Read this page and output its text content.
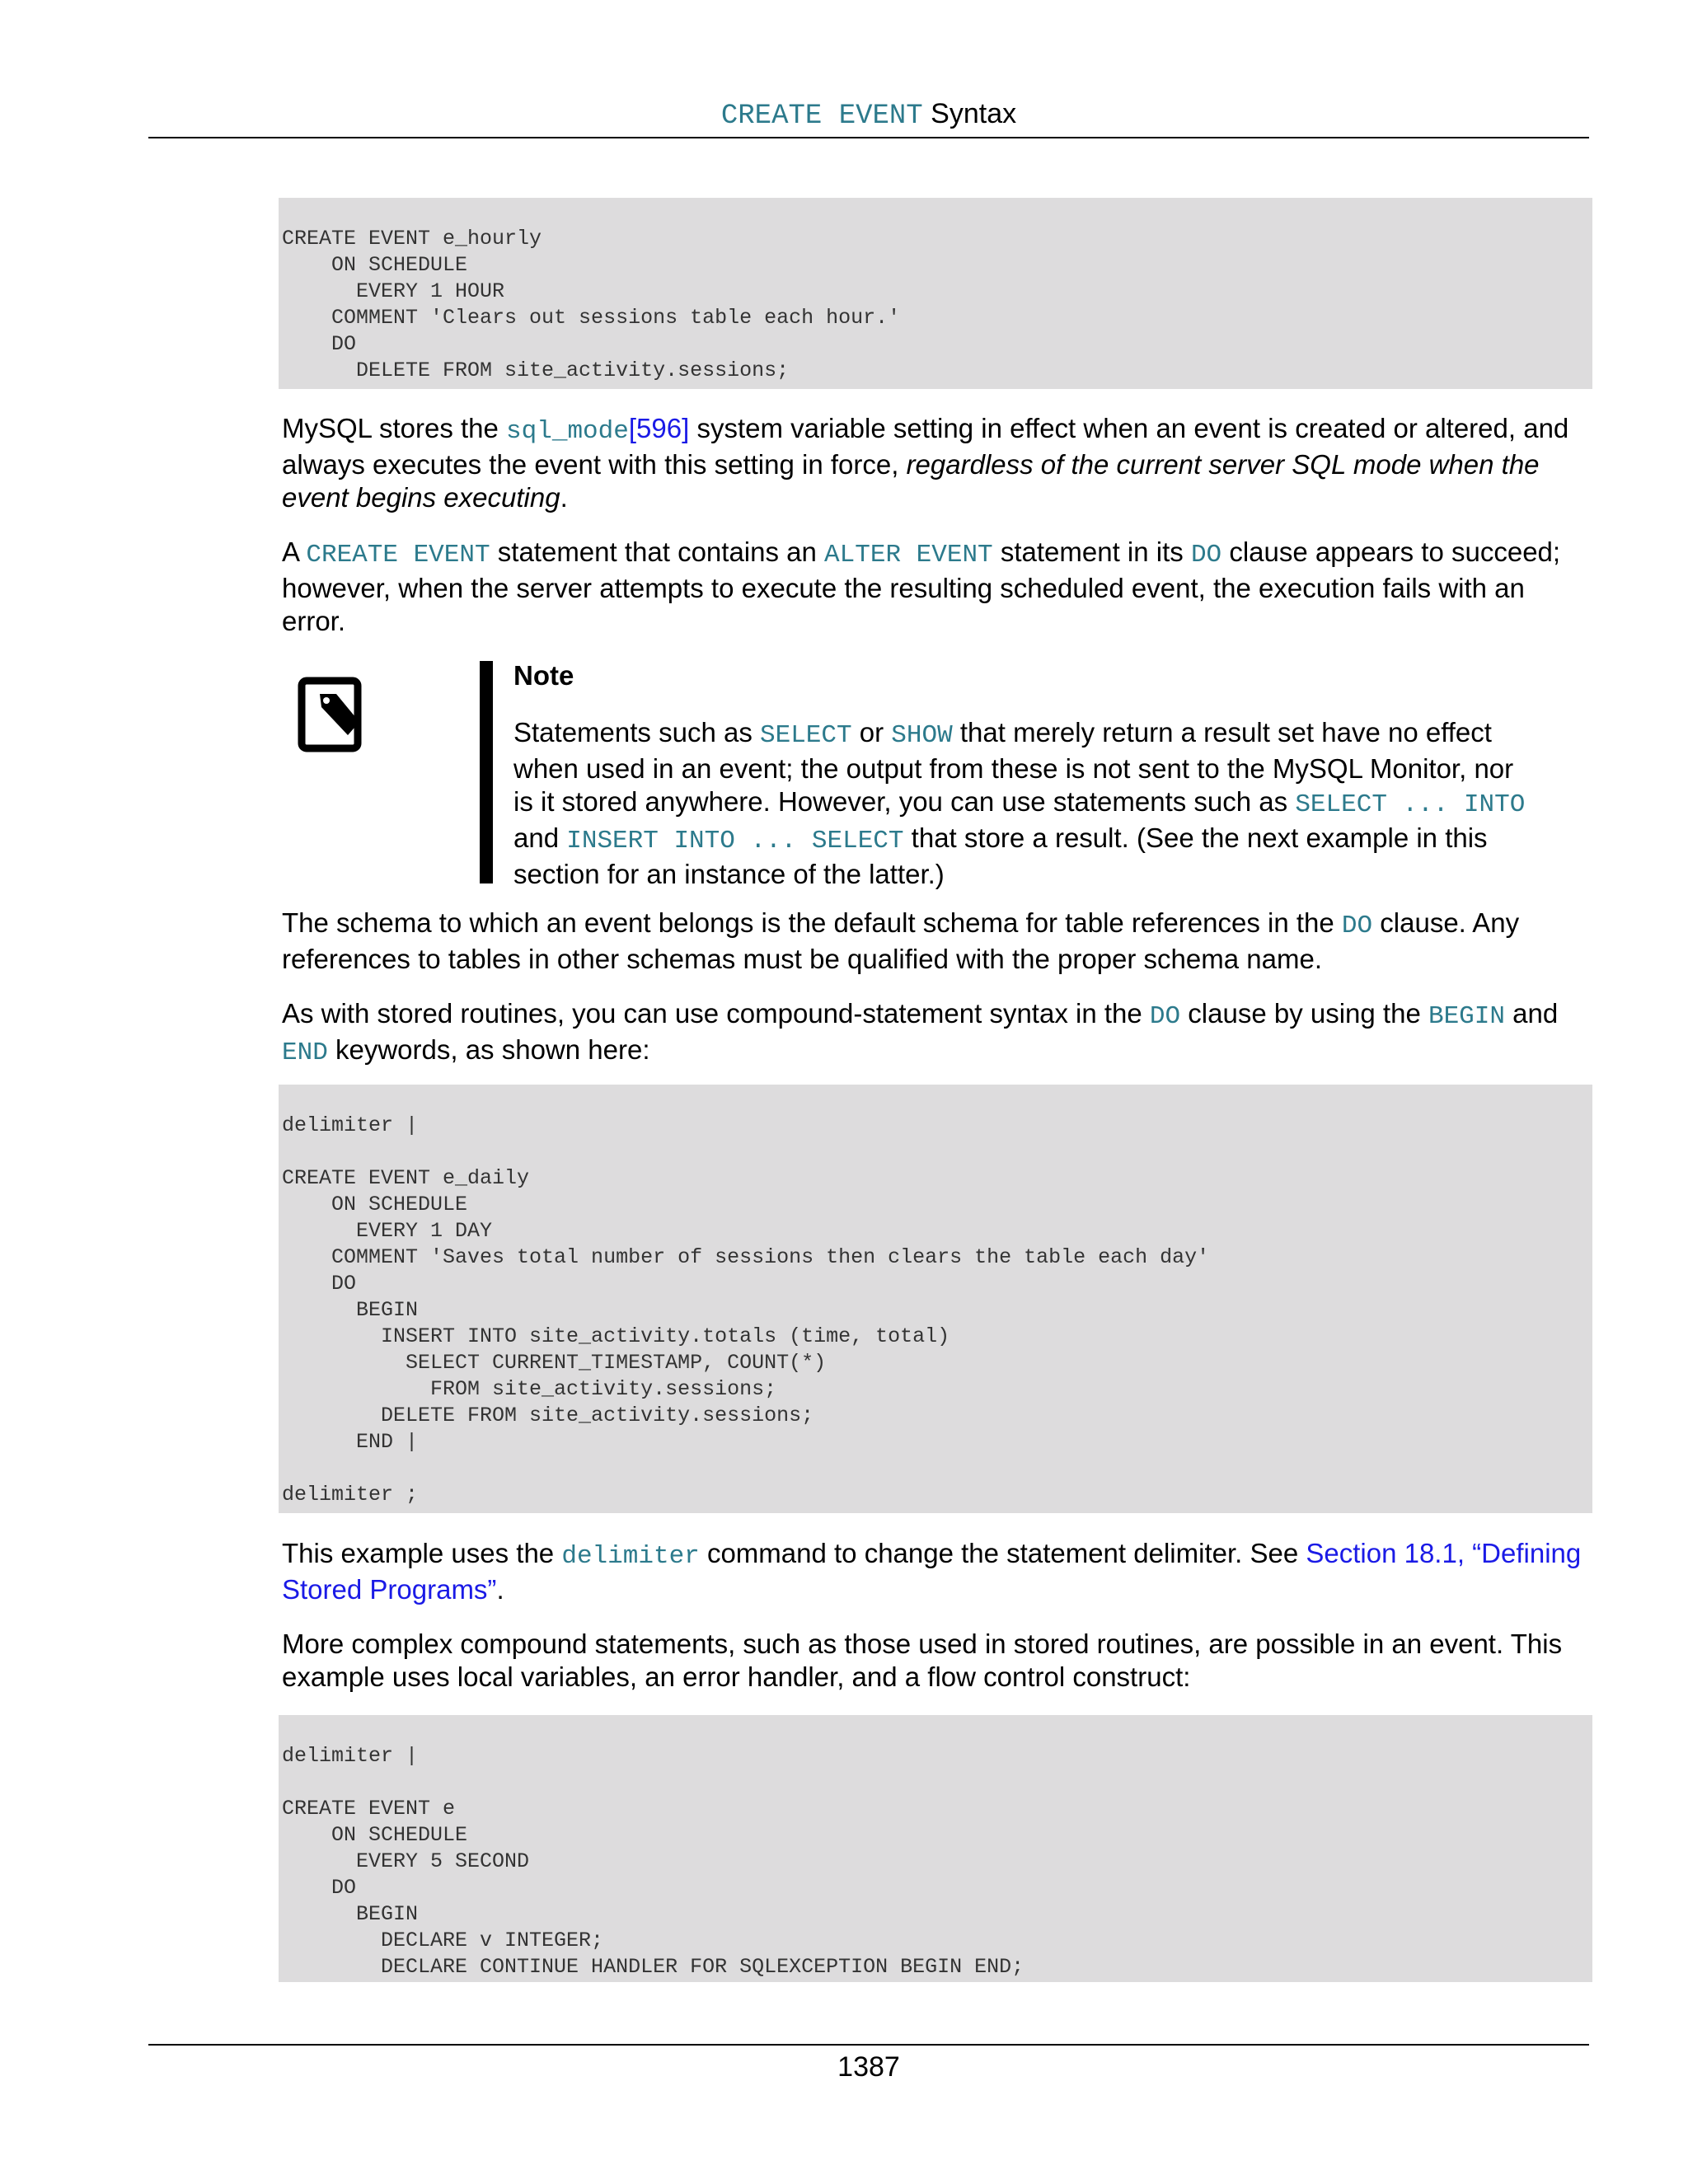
CREATE EVENT Syntax
CREATE EVENT e_hourly
ON SCHEDULE
EVERY 1 HOUR
COMMENT 'Clears out sessions table each hour.'
DO
DELETE FROM site_activity.sessions;

MySQL stores the sql_mode[596] system variable setting in effect when an event is created or altered, and always executes the event with this setting in force, regardless of the current server SQL mode when the event begins executing.

A CREATE EVENT statement that contains an ALTER EVENT statement in its DO clause appears to succeed; however, when the server attempts to execute the resulting scheduled event, the execution fails with an error.

Note

Statements such as SELECT or SHOW that merely return a result set have no effect when used in an event; the output from these is not sent to the MySQL Monitor, nor is it stored anywhere. However, you can use statements such as SELECT ... INTO and INSERT INTO ... SELECT that store a result. (See the next example in this section for an instance of the latter.)

The schema to which an event belongs is the default schema for table references in the DO clause. Any references to tables in other schemas must be qualified with the proper schema name.

As with stored routines, you can use compound-statement syntax in the DO clause by using the BEGIN and END keywords, as shown here:

delimiter |

CREATE EVENT e_daily
ON SCHEDULE
EVERY 1 DAY
COMMENT 'Saves total number of sessions then clears the table each day'
DO
BEGIN
INSERT INTO site_activity.totals (time, total)
SELECT CURRENT_TIMESTAMP, COUNT(*)
FROM site_activity.sessions;
DELETE FROM site_activity.sessions;
END |

delimiter ;

This example uses the delimiter command to change the statement delimiter. See Section 18.1, “Defining Stored Programs”.

More complex compound statements, such as those used in stored routines, are possible in an event. This example uses local variables, an error handler, and a flow control construct:

delimiter |

CREATE EVENT e
ON SCHEDULE
EVERY 5 SECOND
DO
BEGIN
DECLARE v INTEGER;
DECLARE CONTINUE HANDLER FOR SQLEXCEPTION BEGIN END;
1387
